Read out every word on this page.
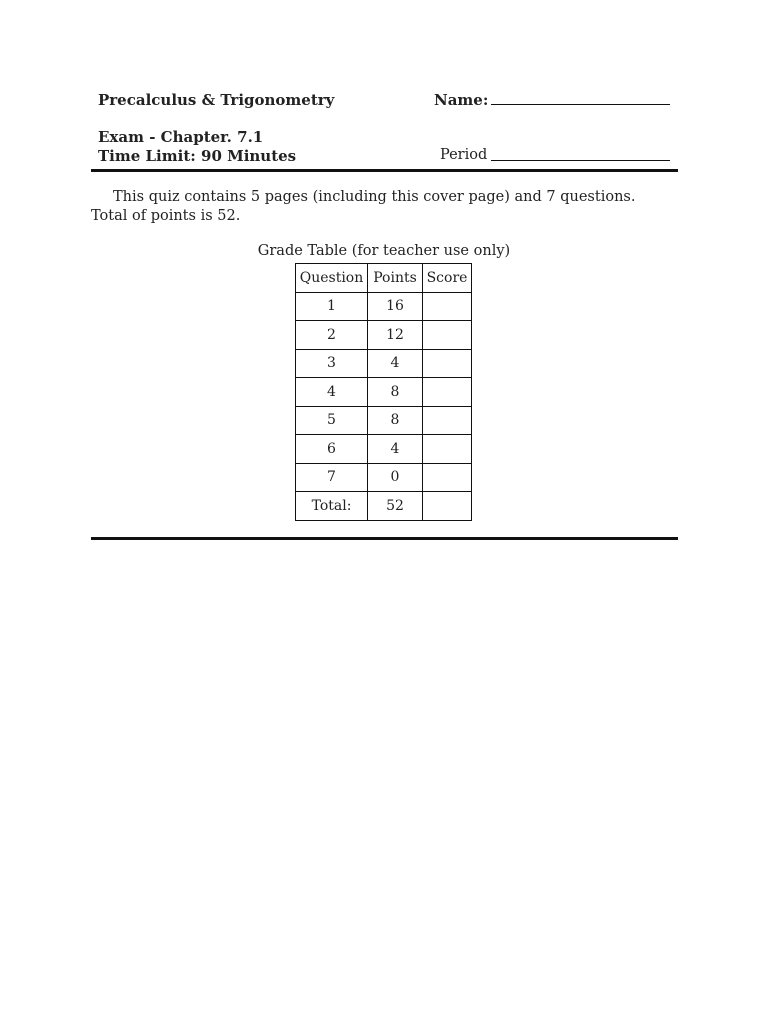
Precalculus & Trigonometry	Name:
Exam - Chapter. 7.1
Time Limit: 90 Minutes	Period
This quiz contains 5 pages (including this cover page) and 7 questions.
Total of points is 52.
Grade Table (for teacher use only)
Question	Points	Score
1	16	
2	12	
3	4	
4	8	
5	8	
6	4	
7	0	
Total:	52	
